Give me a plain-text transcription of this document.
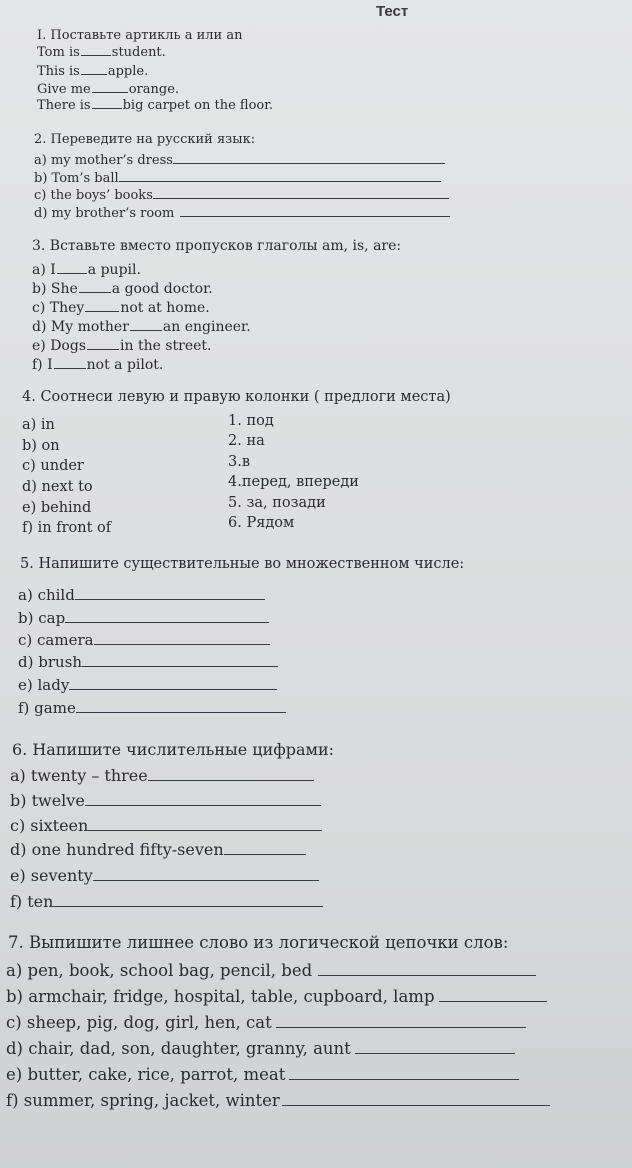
Тест
I. Поставьте артикль a или an
Tom is student.
This is apple.
Give me	orange.
There is big carpet on the floor.
2. Переведите на русский язык:
a) my mother’s dress
b) Tom’s ball
c) the boys’ books
d) my brother’s room
3. Вставьте вместо пропусков глаголы am, is, are:
a) I a pupil.
b) She a good doctor.
c) They	not at home.
d) My mother an engineer.
e) Dogs in the street.
f) I not a pilot.
4. Соотнеси левую и правую колонки ( предлоги места)
a) in
b) on
c) under
d) next to
e) behind
f) in front of
1. под
2. на
3.в
4.перед, впереди
5. за, позади
6. Рядом
5. Напишите существительные во множественном числе:
a) child
b) cap
c) camera
d) brush
e) lady
f) game
6. Напишите числительные цифрами:
a) twenty – three
b) twelve
c) sixteen
d) one hundred fifty-seven
e) seventy
f) ten
7. Выпишите лишнее слово из логической цепочки слов:
a) pen, book, school bag, pencil, bed
b) armchair, fridge, hospital, table, cupboard, lamp
c) sheep, pig, dog, girl, hen, cat
d) chair, dad, son, daughter, granny, aunt
e) butter, cake, rice, parrot, meat
f) summer, spring, jacket, winter
